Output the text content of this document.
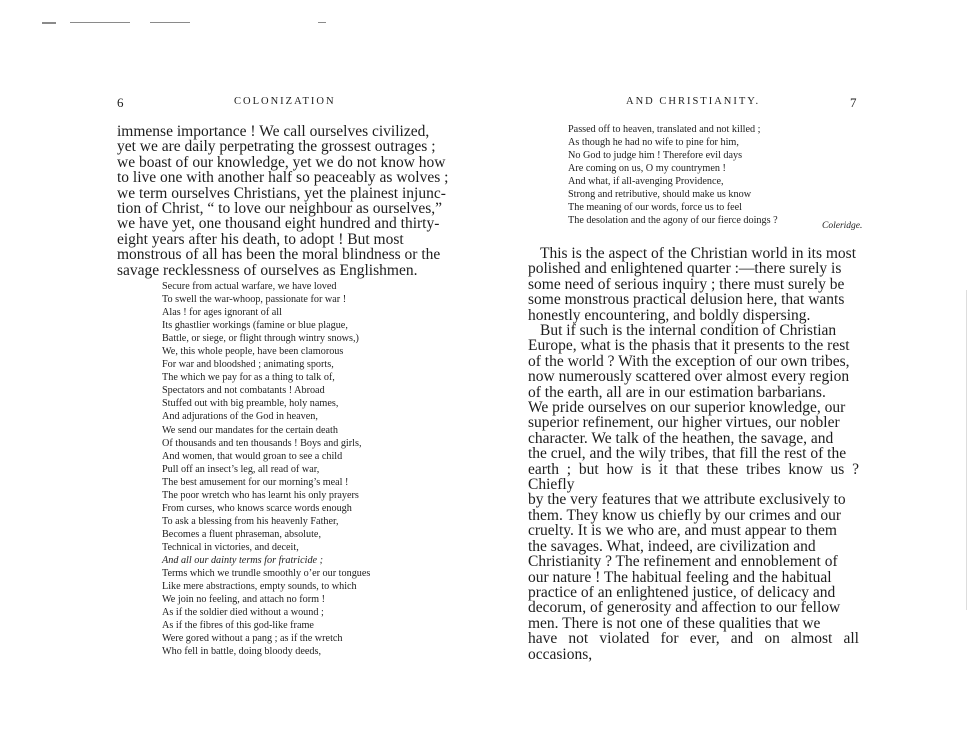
6	COLONIZATION
immense importance ! We call ourselves civilized,
yet we are daily perpetrating the grossest outrages ;
we boast of our knowledge, yet we do not know how
to live one with another half so peaceably as wolves ;
we term ourselves Christians, yet the plainest injunc-
tion of Christ, “ to love our neighbour as ourselves,”
we have yet, one thousand eight hundred and thirty-
eight years after his death, to adopt ! But most
monstrous of all has been the moral blindness or the
savage recklessness of ourselves as Englishmen.
Secure from actual warfare, we have loved
To swell the war-whoop, passionate for war !
Alas ! for ages ignorant of all
Its ghastlier workings (famine or blue plague,
Battle, or siege, or flight through wintry snows,)
We, this whole people, have been clamorous
For war and bloodshed ; animating sports,
The which we pay for as a thing to talk of,
Spectators and not combatants ! Abroad
Stuffed out with big preamble, holy names,
And adjurations of the God in heaven,
We send our mandates for the certain death
Of thousands and ten thousands ! Boys and girls,
And women, that would groan to see a child
Pull off an insect’s leg, all read of war,
The best amusement for our morning’s meal !
The poor wretch who has learnt his only prayers
From curses, who knows scarce words enough
To ask a blessing from his heavenly Father,
Becomes a fluent phraseman, absolute,
Technical in victories, and deceit,
And all our dainty terms for fratricide ;
Terms which we trundle smoothly o’er our tongues
Like mere abstractions, empty sounds, to which
We join no feeling, and attach no form !
As if the soldier died without a wound ;
As if the fibres of this god-like frame
Were gored without a pang ; as if the wretch
Who fell in battle, doing bloody deeds,
AND CHRISTIANITY.	7
Passed off to heaven, translated and not killed ;
As though he had no wife to pine for him,
No God to judge him ! Therefore evil days
Are coming on us, O my countrymen !
And what, if all-avenging Providence,
Strong and retributive, should make us know
The meaning of our words, force us to feel
The desolation and the agony of our fierce doings ?	Coleridge.
This is the aspect of the Christian world in its most
polished and enlightened quarter :—there surely is
some need of serious inquiry ; there must surely be
some monstrous practical delusion here, that wants
honestly encountering, and boldly dispersing.
But if such is the internal condition of Christian
Europe, what is the phasis that it presents to the rest
of the world ? With the exception of our own tribes,
now numerously scattered over almost every region
of the earth, all are in our estimation barbarians.
We pride ourselves on our superior knowledge, our
superior refinement, our higher virtues, our nobler
character. We talk of the heathen, the savage, and
the cruel, and the wily tribes, that fill the rest of the
earth ; but how is it that these tribes know us ? Chiefly
by the very features that we attribute exclusively to
them. They know us chiefly by our crimes and our
cruelty. It is we who are, and must appear to them
the savages. What, indeed, are civilization and
Christianity ? The refinement and ennoblement of
our nature ! The habitual feeling and the habitual
practice of an enlightened justice, of delicacy and
decorum, of generosity and affection to our fellow
men. There is not one of these qualities that we
have not violated for ever, and on almost all occasions,
